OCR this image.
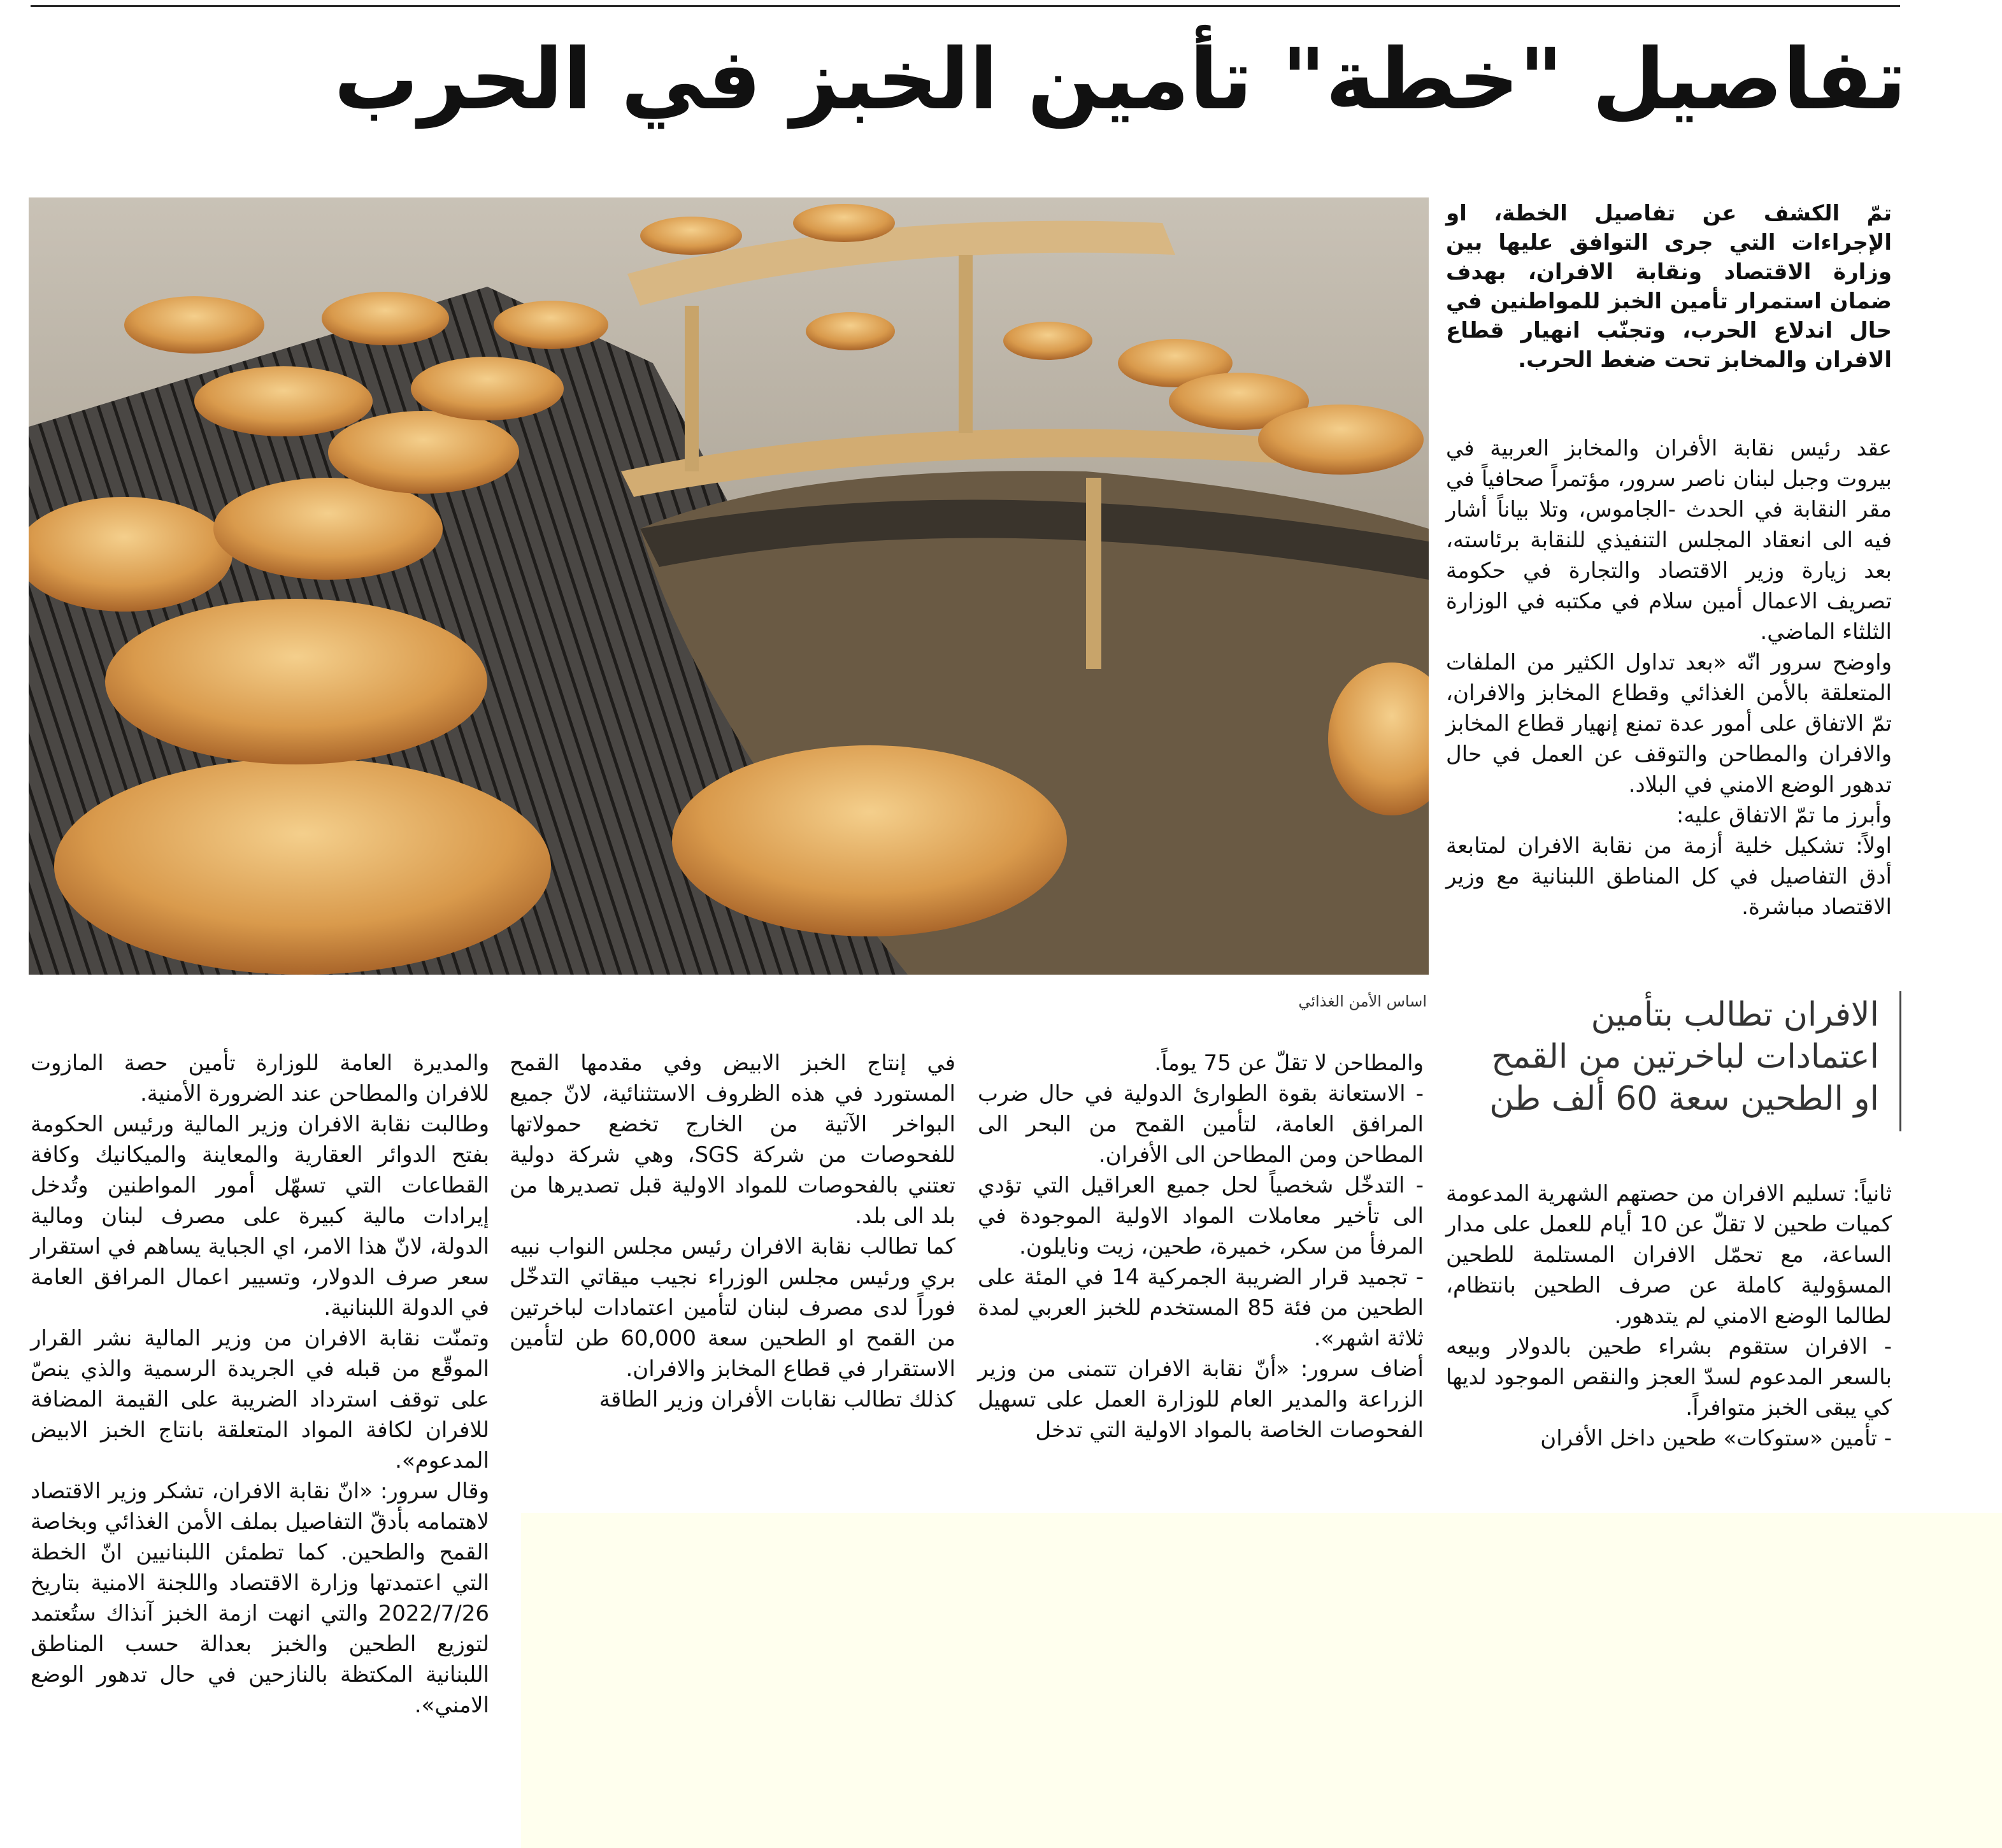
تفاصيل "خطة" تأمين الخبز في الحرب

تمّ الكشف عن تفاصيل الخطة، او الإجراءات التي جرى التوافق عليها بين وزارة الاقتصاد ونقابة الافران، بهدف ضمان استمرار تأمين الخبز للمواطنين في حال اندلاع الحرب، وتجنّب انهيار قطاع الافران والمخابز تحت ضغط الحرب.

اساس الأمن الغذائي	الافران تطالب بتأمين اعتمادات لباخرتين من القمح او الطحين سعة 60 ألف طن

عقد رئيس نقابة الأفران والمخابز العربية في بيروت وجبل لبنان ناصر سرور، مؤتمراً صحافياً في مقر النقابة في الحدث -الجاموس، وتلا بياناً أشار فيه الى انعقاد المجلس التنفيذي للنقابة برئاسته، بعد زيارة وزير الاقتصاد والتجارة في حكومة تصريف الاعمال أمين سلام في مكتبه في الوزارة الثلثاء الماضي.

واوضح سرور انّه «بعد تداول الكثير من الملفات المتعلقة بالأمن الغذائي وقطاع المخابز والافران، تمّ الاتفاق على أمور عدة تمنع إنهيار قطاع المخابز والافران والمطاحن والتوقف عن العمل في حال تدهور الوضع الامني في البلاد.

وأبرز ما تمّ الاتفاق عليه:

اولاً: تشكيل خلية أزمة من نقابة الافران لمتابعة أدق التفاصيل في كل المناطق اللبنانية مع وزير الاقتصاد مباشرة.

ثانياً: تسليم الافران من حصتهم الشهرية المدعومة كميات طحين لا تقلّ عن 10 أيام للعمل على مدار الساعة، مع تحمّل الافران المستلمة للطحين المسؤولية كاملة عن صرف الطحين بانتظام، لطالما الوضع الامني لم يتدهور.

- الافران ستقوم بشراء طحين بالدولار وبيعه بالسعر المدعوم لسدّ العجز والنقص الموجود لديها كي يبقى الخبز متوافراً.

- تأمين «ستوكات» طحين داخل الأفران

والمطاحن لا تقلّ عن 75 يوماً.

- الاستعانة بقوة الطوارئ الدولية في حال ضرب المرافق العامة، لتأمين القمح من البحر الى المطاحن ومن المطاحن الى الأفران.

- التدخّل شخصياً لحل جميع العراقيل التي تؤدي الى تأخير معاملات المواد الاولية الموجودة في المرفأ من سكر، خميرة، طحين، زيت ونايلون.

- تجميد قرار الضريبة الجمركية 14 في المئة على الطحين من فئة 85 المستخدم للخبز العربي لمدة ثلاثة اشهر».

أضاف سرور: «أنّ نقابة الافران تتمنى من وزير الزراعة والمدير العام للوزارة العمل على تسهيل الفحوصات الخاصة بالمواد الاولية التي تدخل

في إنتاج الخبز الابيض وفي مقدمها القمح المستورد في هذه الظروف الاستثنائية، لانّ جميع البواخر الآتية من الخارج تخضع حمولاتها للفحوصات من شركة SGS، وهي شركة دولية تعتني بالفحوصات للمواد الاولية قبل تصديرها من بلد الى بلد.

كما تطالب نقابة الافران رئيس مجلس النواب نبيه بري ورئيس مجلس الوزراء نجيب ميقاتي التدخّل فوراً لدى مصرف لبنان لتأمين اعتمادات لباخرتين من القمح او الطحين سعة 60,000 طن لتأمين الاستقرار في قطاع المخابز والافران.

كذلك تطالب نقابات الأفران وزير الطاقة

والمديرة العامة للوزارة تأمين حصة المازوت للافران والمطاحن عند الضرورة الأمنية.

وطالبت نقابة الافران وزير المالية ورئيس الحكومة بفتح الدوائر العقارية والمعاينة والميكانيك وكافة القطاعات التي تسهّل أمور المواطنين وتُدخل إيرادات مالية كبيرة على مصرف لبنان ومالية الدولة، لانّ هذا الامر، اي الجباية يساهم في استقرار سعر صرف الدولار، وتسيير اعمال المرافق العامة في الدولة اللبنانية.

وتمنّت نقابة الافران من وزير المالية نشر القرار الموقّع من قبله في الجريدة الرسمية والذي ينصّ على توقف استرداد الضريبة على القيمة المضافة للافران لكافة المواد المتعلقة بانتاج الخبز الابيض المدعوم».

وقال سرور: «انّ نقابة الافران، تشكر وزير الاقتصاد لاهتمامه بأدقّ التفاصيل بملف الأمن الغذائي وبخاصة القمح والطحين. كما تطمئن اللبنانيين انّ الخطة التي اعتمدتها وزارة الاقتصاد واللجنة الامنية بتاريخ 2022/7/26 والتي انهت ازمة الخبز آنذاك ستُعتمد لتوزيع الطحين والخبز بعدالة حسب المناطق اللبنانية المكتظة بالنازحين في حال تدهور الوضع الامني».
